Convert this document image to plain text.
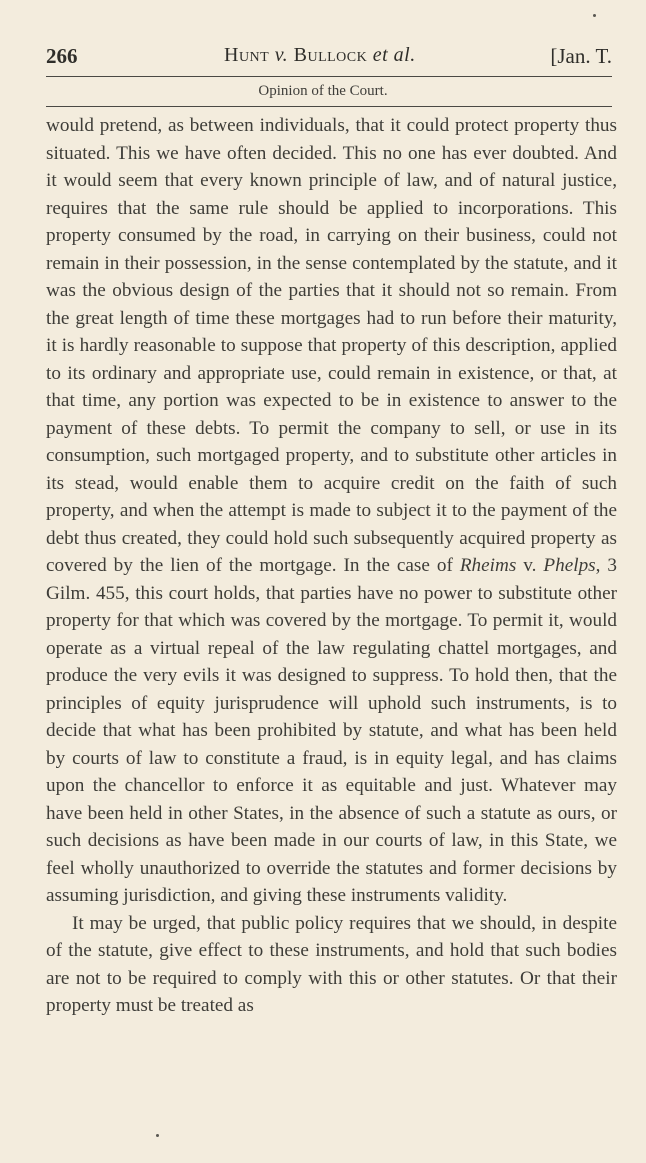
266	Hunt v. Bullock et al.	[Jan. T.
Opinion of the Court.

would pretend, as between individuals, that it could protect property thus situated. This we have often decided. This no one has ever doubted. And it would seem that every known principle of law, and of natural justice, requires that the same rule should be applied to incorporations. This property consumed by the road, in carrying on their business, could not remain in their possession, in the sense contemplated by the statute, and it was the obvious design of the parties that it should not so remain. From the great length of time these mortgages had to run before their maturity, it is hardly reasonable to suppose that property of this description, applied to its ordinary and appropriate use, could remain in existence, or that, at that time, any portion was expected to be in existence to answer to the payment of these debts. To permit the company to sell, or use in its consumption, such mortgaged property, and to substitute other articles in its stead, would enable them to acquire credit on the faith of such property, and when the attempt is made to subject it to the payment of the debt thus created, they could hold such subsequently acquired property as covered by the lien of the mortgage. In the case of Rheims v. Phelps, 3 Gilm. 455, this court holds, that parties have no power to substitute other property for that which was covered by the mortgage. To permit it, would operate as a virtual repeal of the law regulating chattel mortgages, and produce the very evils it was designed to suppress. To hold then, that the principles of equity jurisprudence will uphold such instruments, is to decide that what has been prohibited by statute, and what has been held by courts of law to constitute a fraud, is in equity legal, and has claims upon the chancellor to enforce it as equitable and just. Whatever may have been held in other States, in the absence of such a statute as ours, or such decisions as have been made in our courts of law, in this State, we feel wholly unauthorized to override the statutes and former decisions by assuming jurisdiction, and giving these instruments validity.

It may be urged, that public policy requires that we should, in despite of the statute, give effect to these instruments, and hold that such bodies are not to be required to comply with this or other statutes. Or that their property must be treated as
